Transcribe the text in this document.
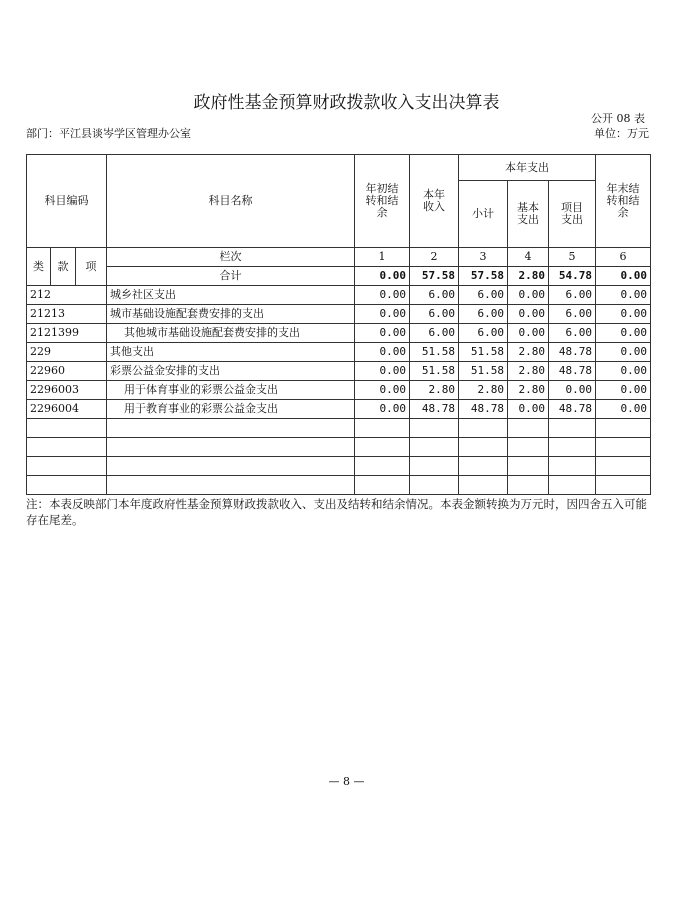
政府性基金预算财政拨款收入支出决算表
公开 08 表
部门：平江县谈岑学区管理办公室	单位：万元
科目编码			科目名称	年初结转和结余	本年收入	本年支出			年末结转和结余
						小计	基本支出	项目支出	
类	款	项	栏次	1	2	3	4	5	6
			合计	0.00	57.58	57.58	2.80	54.78	0.00
212			城乡社区支出	0.00	6.00	6.00	0.00	6.00	0.00
21213			城市基础设施配套费安排的支出	0.00	6.00	6.00	0.00	6.00	0.00
2121399			其他城市基础设施配套费安排的支出	0.00	6.00	6.00	0.00	6.00	0.00
229			其他支出	0.00	51.58	51.58	2.80	48.78	0.00
22960			彩票公益金安排的支出	0.00	51.58	51.58	2.80	48.78	0.00
2296003			用于体育事业的彩票公益金支出	0.00	2.80	2.80	2.80	0.00	0.00
2296004			用于教育事业的彩票公益金支出	0.00	48.78	48.78	0.00	48.78	0.00

注：本表反映部门本年度政府性基金预算财政拨款收入、支出及结转和结余情况。本表金额转换为万元时，因四舍五入可能存在尾差。
— 8 —
